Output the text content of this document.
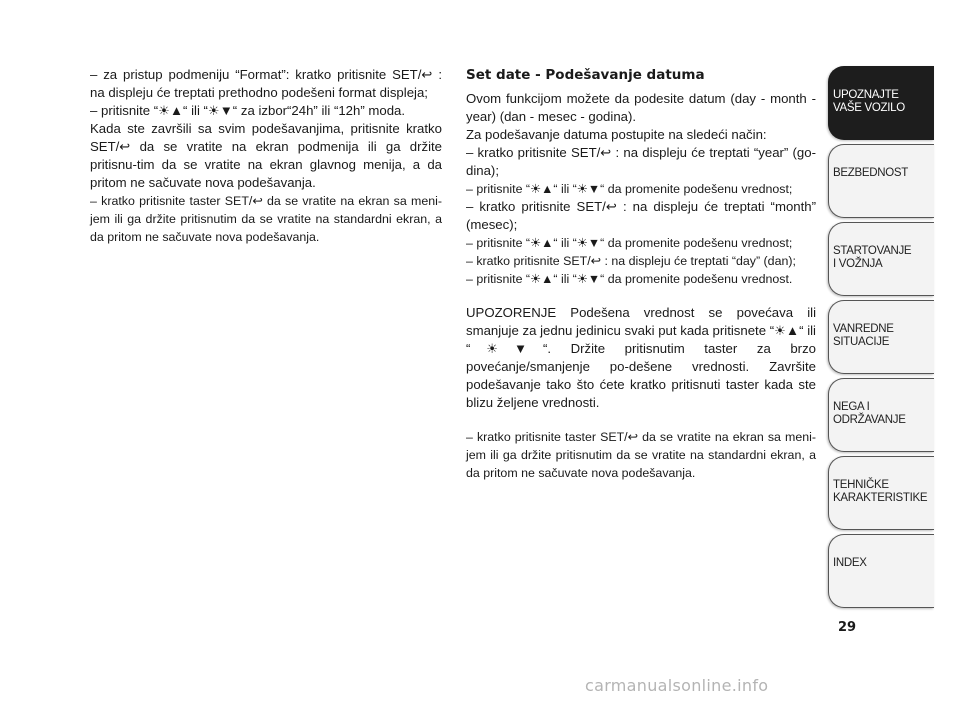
– za pristup podmeniju “Format”: kratko pritisnite SET/↩ : na displeju će treptati prethodno podešeni format displeja;

– pritisnite “☀▲“ ili “☀▼“ za izbor“24h” ili “12h” moda.

Kada ste završili sa svim podešavanjima, pritisnite kratko SET/↩ da se vratite na ekran podmenija ili ga držite pritisnu-tim da se vratite na ekran glavnog menija, a da pritom ne sačuvate nova podešavanja.

– kratko pritisnite taster SET/↩ da se vratite na ekran sa meni-jem ili ga držite pritisnutim da se vratite na standardni ekran, a da pritom ne sačuvate nova podešavanja.

Set date - Podešavanje datuma

Ovom funkcijom možete da podesite datum (day - month - year) (dan - mesec - godina).

Za podešavanje datuma postupite na sledeći način:

– kratko pritisnite SET/↩ : na displeju će treptati “year” (go-dina);

– pritisnite “☀▲“ ili “☀▼“ da promenite podešenu vrednost;

– kratko pritisnite SET/↩ : na displeju će treptati “month” (mesec);

– pritisnite “☀▲“ ili “☀▼“ da promenite podešenu vrednost;

– kratko pritisnite SET/↩ : na displeju će treptati “day” (dan);

– pritisnite “☀▲“ ili “☀▼“ da promenite podešenu vrednost.

UPOZORENJE Podešena vrednost se povećava ili smanjuje za jednu jedinicu svaki put kada pritisnete “☀▲“ ili “☀▼“. Držite pritisnutim taster za brzo povećanje/smanjenje po-dešene vrednosti. Završite podešavanje tako što ćete kratko pritisnuti taster kada ste blizu željene vrednosti.

– kratko pritisnite taster SET/↩ da se vratite na ekran sa meni-jem ili ga držite pritisnutim da se vratite na standardni ekran, a da pritom ne sačuvate nova podešavanja.

UPOZNAJTE
VAŠE VOZILO
BEZBEDNOST
STARTOVANJE
I VOŽNJA
VANREDNE
SITUACIJE
NEGA I
ODRŽAVANJE
TEHNIČKE
KARAKTERISTIKE
INDEX
29
carmanualsonline.info
